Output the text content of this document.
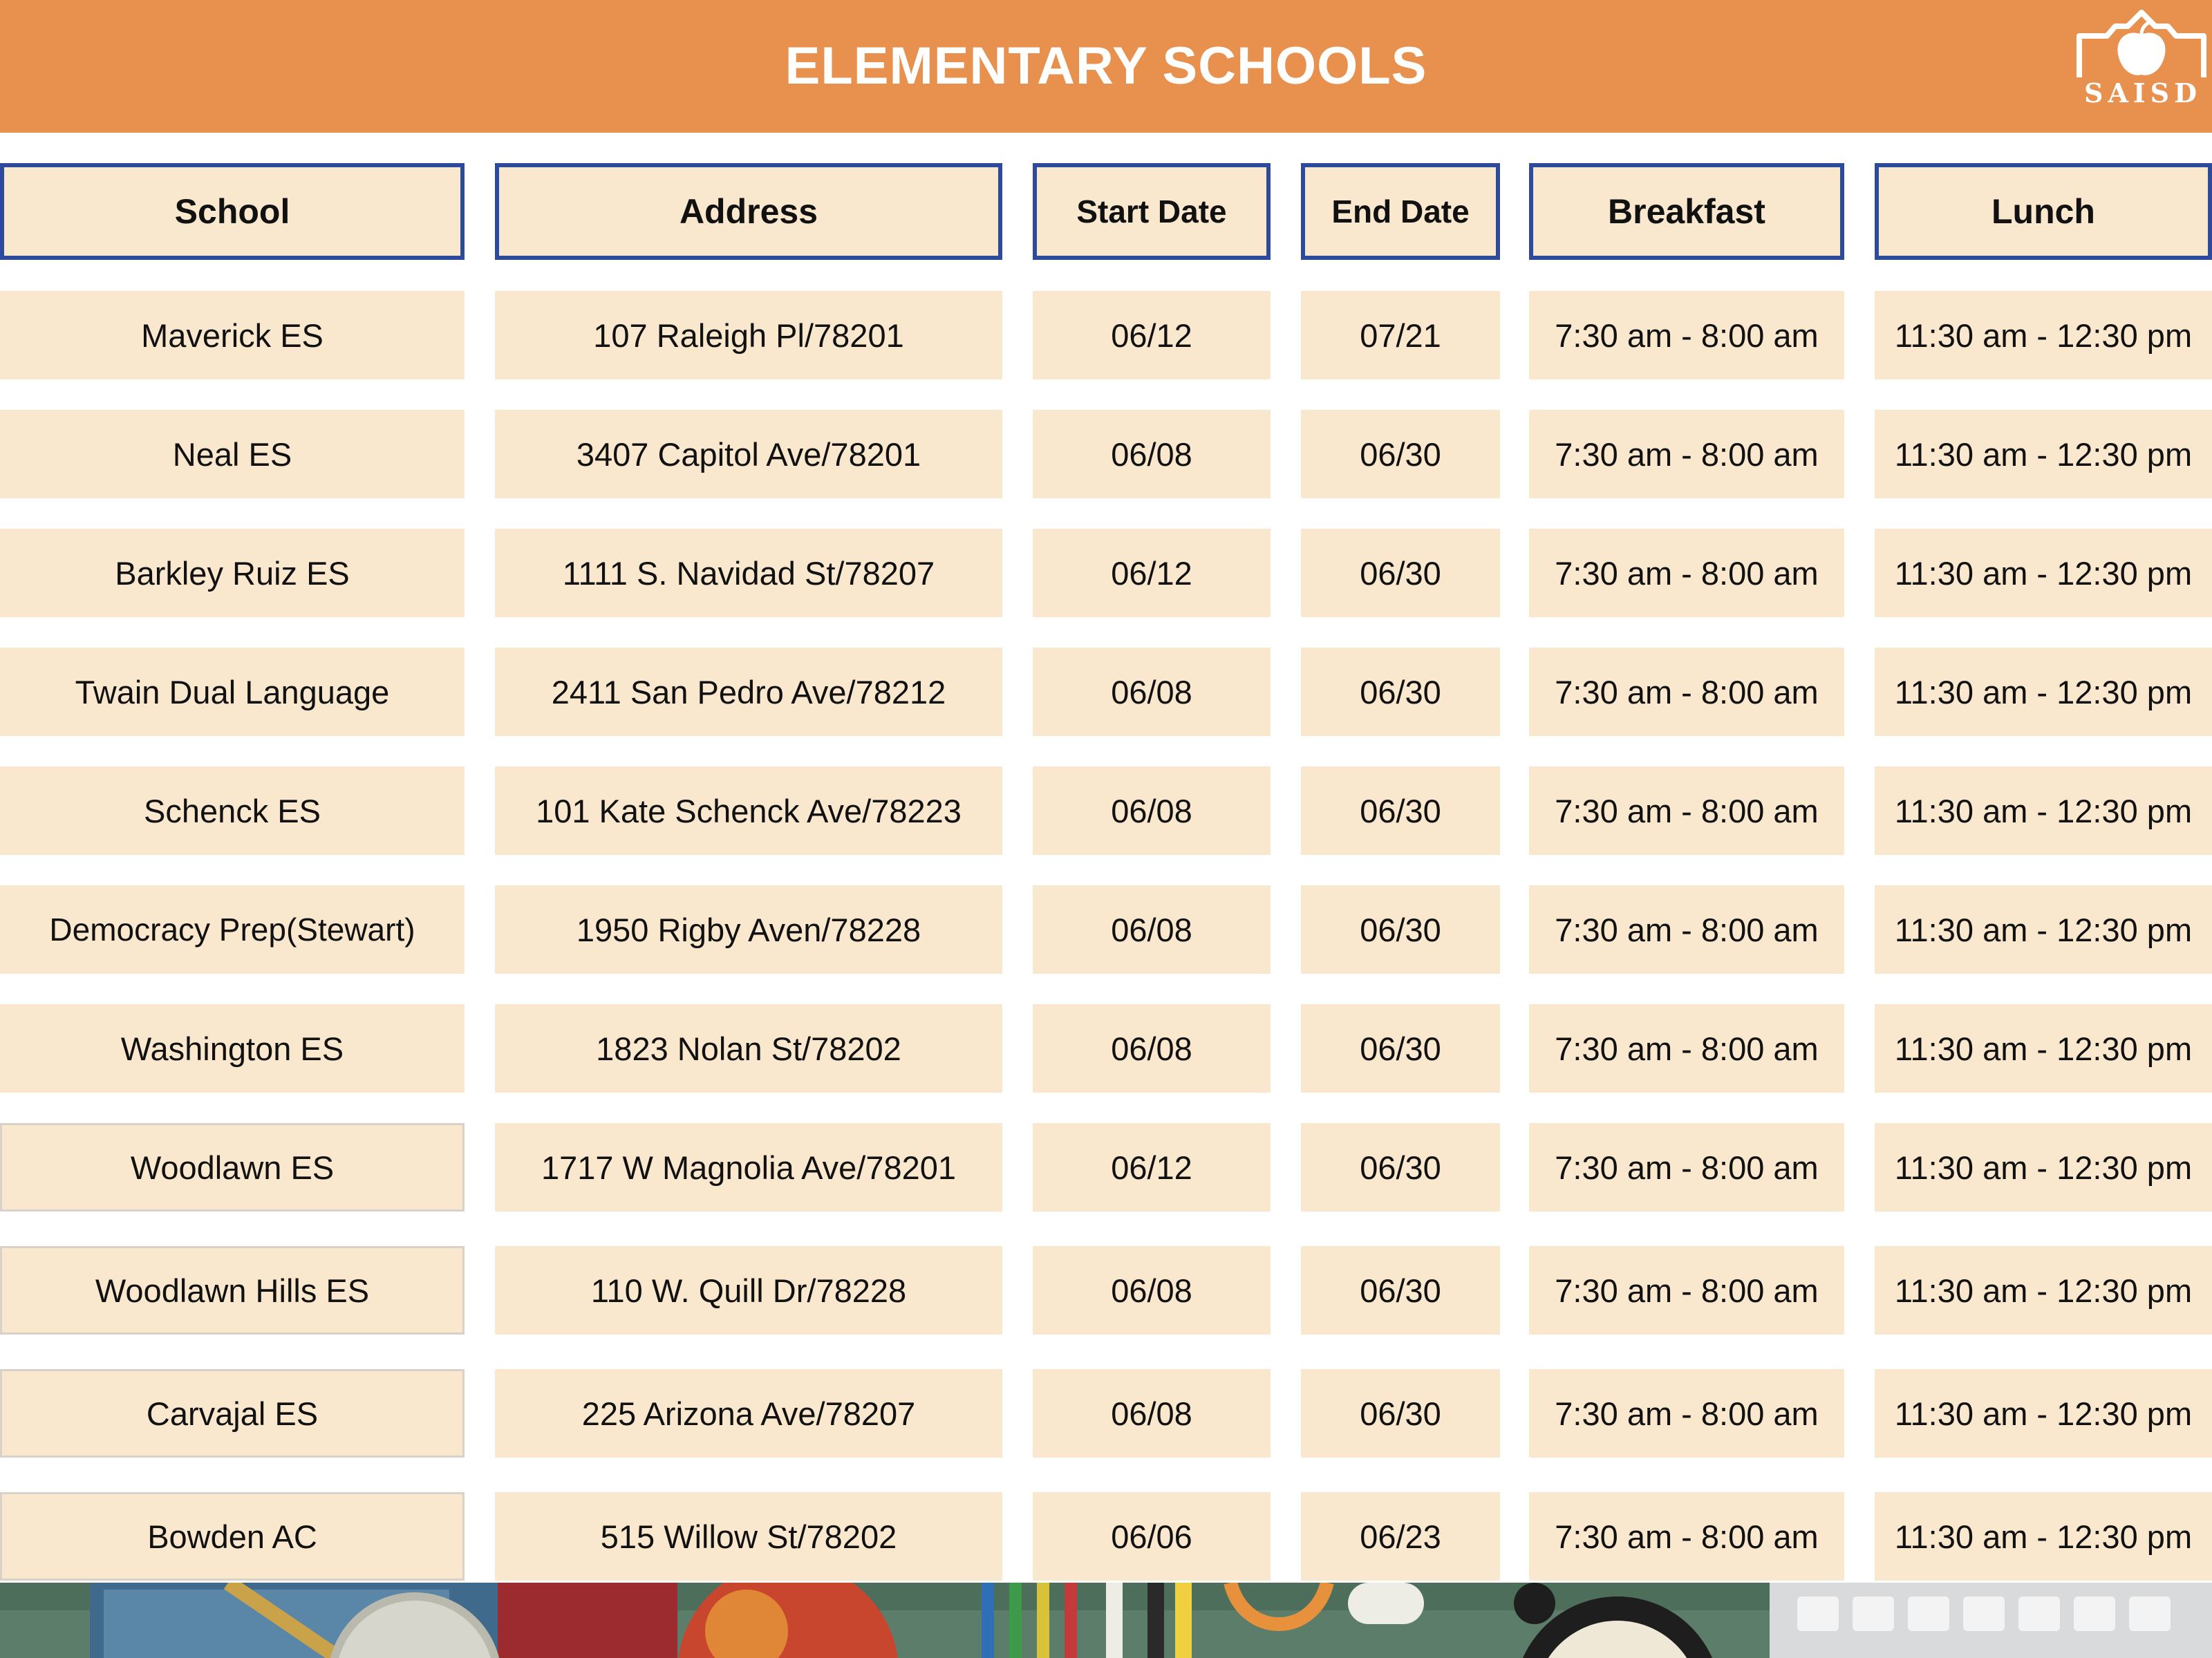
ELEMENTARY SCHOOLS	SAISD
School	Address	Start Date	End Date	Breakfast	Lunch
Maverick ES	107 Raleigh Pl/78201	06/12	07/21	7:30 am - 8:00 am	11:30 am - 12:30 pm
Neal ES	3407 Capitol Ave/78201	06/08	06/30	7:30 am - 8:00 am	11:30 am - 12:30 pm
Barkley Ruiz ES	1111 S. Navidad St/78207	06/12	06/30	7:30 am - 8:00 am	11:30 am - 12:30 pm
Twain Dual Language	2411 San Pedro Ave/78212	06/08	06/30	7:30 am - 8:00 am	11:30 am - 12:30 pm
Schenck ES	101 Kate Schenck Ave/78223	06/08	06/30	7:30 am - 8:00 am	11:30 am - 12:30 pm
Democracy Prep(Stewart)	1950 Rigby Aven/78228	06/08	06/30	7:30 am - 8:00 am	11:30 am - 12:30 pm
Washington ES	1823 Nolan St/78202	06/08	06/30	7:30 am - 8:00 am	11:30 am - 12:30 pm
Woodlawn ES	1717 W Magnolia Ave/78201	06/12	06/30	7:30 am - 8:00 am	11:30 am - 12:30 pm
Woodlawn Hills ES	110 W. Quill Dr/78228	06/08	06/30	7:30 am - 8:00 am	11:30 am - 12:30 pm
Carvajal ES	225 Arizona Ave/78207	06/08	06/30	7:30 am - 8:00 am	11:30 am - 12:30 pm
Bowden AC	515 Willow St/78202	06/06	06/23	7:30 am - 8:00 am	11:30 am - 12:30 pm
